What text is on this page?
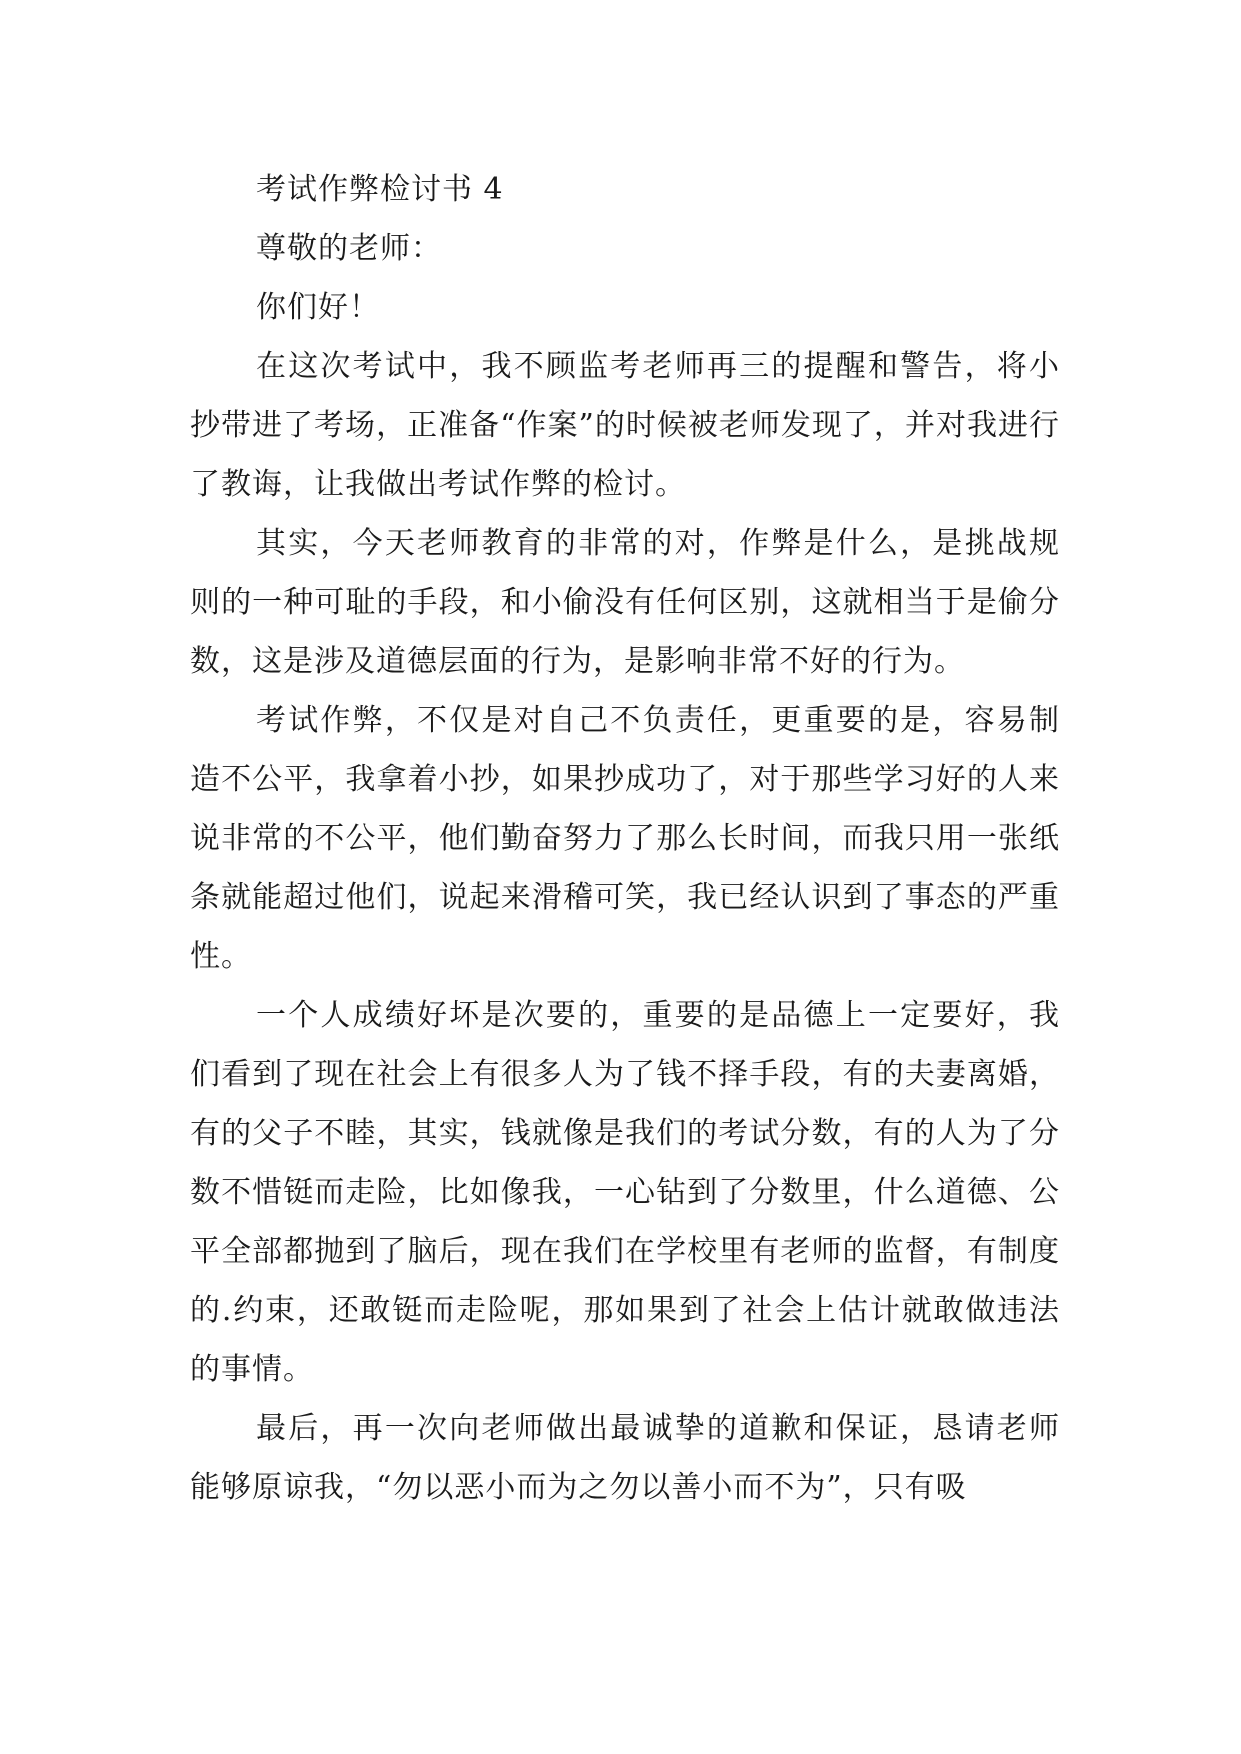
考试作弊检讨书 4

尊敬的老师：

你们好！

在这次考试中，我不顾监考老师再三的提醒和警告，将小抄带进了考场，正准备“作案”的时候被老师发现了，并对我进行了教诲，让我做出考试作弊的检讨。

其实，今天老师教育的非常的对，作弊是什么，是挑战规则的一种可耻的手段，和小偷没有任何区别，这就相当于是偷分数，这是涉及道德层面的行为，是影响非常不好的行为。

考试作弊，不仅是对自己不负责任，更重要的是，容易制造不公平，我拿着小抄，如果抄成功了，对于那些学习好的人来说非常的不公平，他们勤奋努力了那么长时间，而我只用一张纸条就能超过他们，说起来滑稽可笑，我已经认识到了事态的严重性。

一个人成绩好坏是次要的，重要的是品德上一定要好，我们看到了现在社会上有很多人为了钱不择手段，有的夫妻离婚，有的父子不睦，其实，钱就像是我们的考试分数，有的人为了分数不惜铤而走险，比如像我，一心钻到了分数里，什么道德、公平全部都抛到了脑后，现在我们在学校里有老师的监督，有制度的.约束，还敢铤而走险呢，那如果到了社会上估计就敢做违法的事情。

最后，再一次向老师做出最诚挚的道歉和保证，恳请老师能够原谅我，“勿以恶小而为之勿以善小而不为”，只有吸
